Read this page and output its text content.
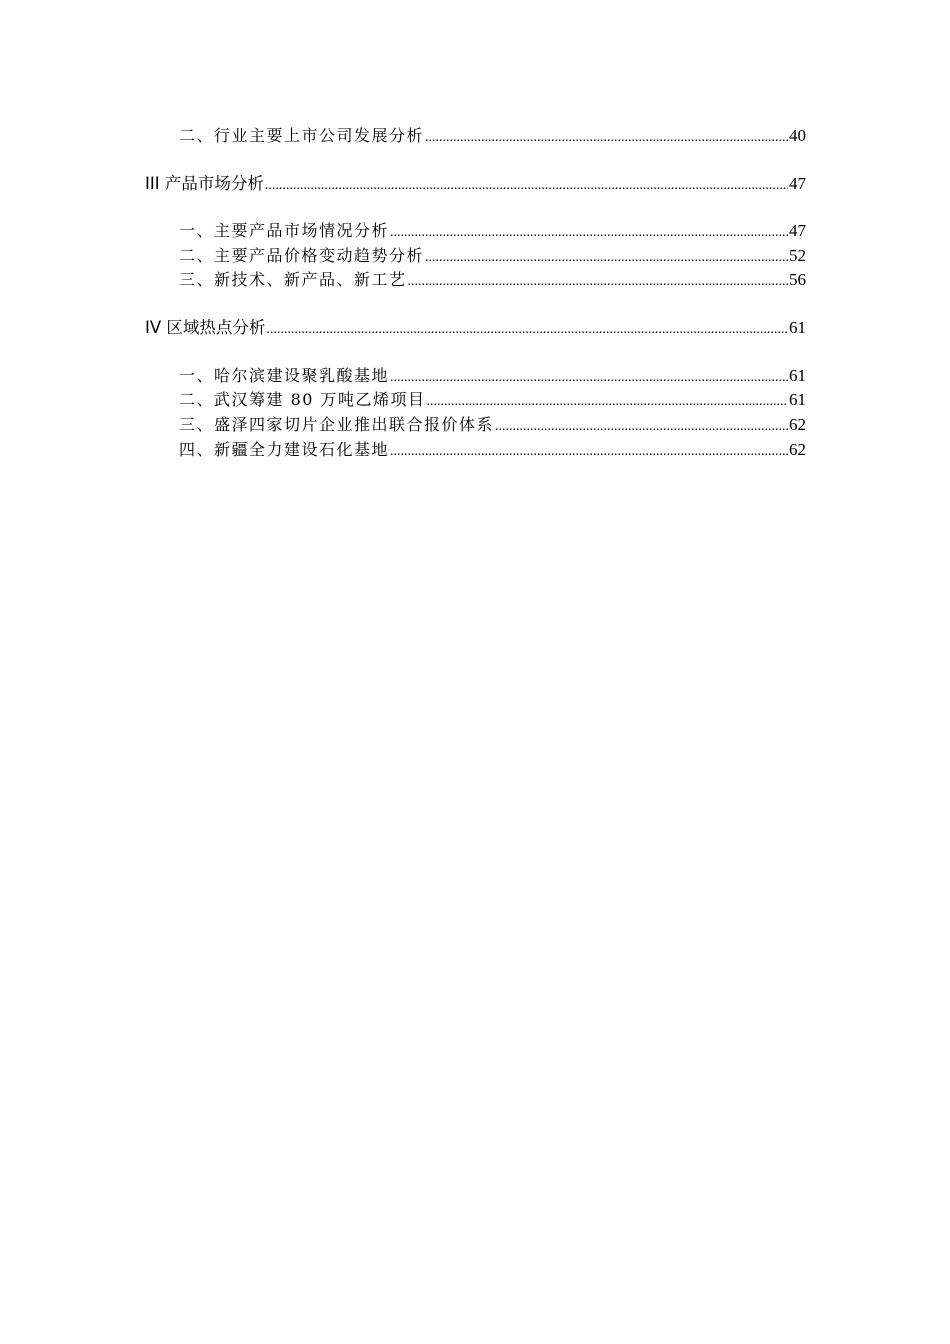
二、行业主要上市公司发展分析 .....	40
III 产品市场分析 .....	47
一、主要产品市场情况分析 .....	47
二、主要产品价格变动趋势分析 .....	52
三、新技术、新产品、新工艺 .....	56
IV 区域热点分析 .....	61
一、哈尔滨建设聚乳酸基地 .....	61
二、武汉筹建 80 万吨乙烯项目 .....	61
三、盛泽四家切片企业推出联合报价体系 .....	62
四、新疆全力建设石化基地 .....	62
